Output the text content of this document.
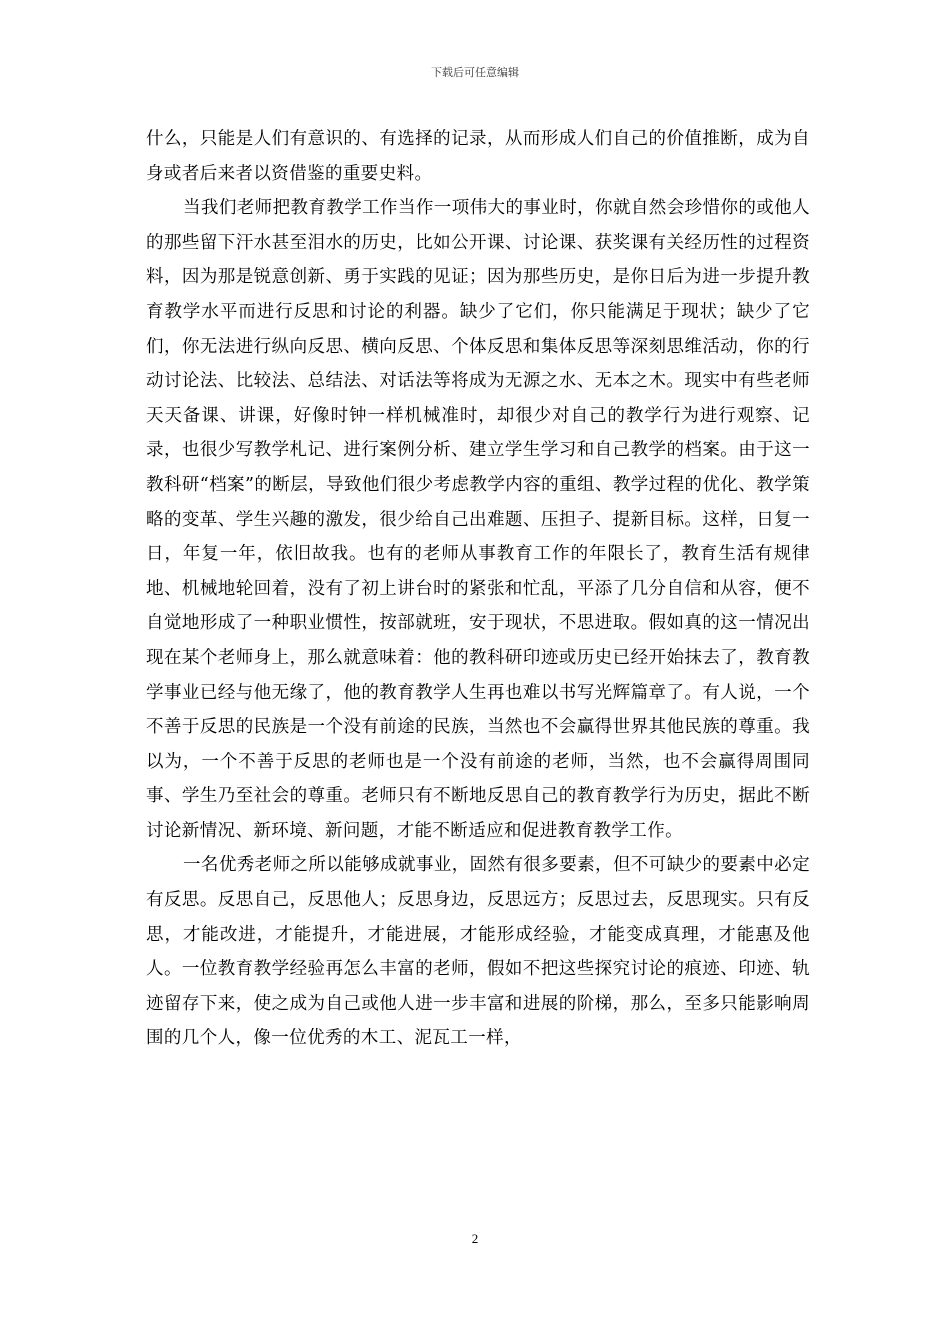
下载后可任意编辑

什么，只能是人们有意识的、有选择的记录，从而形成人们自己的价值推断，成为自身或者后来者以资借鉴的重要史料。

当我们老师把教育教学工作当作一项伟大的事业时，你就自然会珍惜你的或他人的那些留下汗水甚至泪水的历史，比如公开课、讨论课、获奖课有关经历性的过程资料，因为那是锐意创新、勇于实践的见证；因为那些历史，是你日后为进一步提升教育教学水平而进行反思和讨论的利器。缺少了它们，你只能满足于现状；缺少了它们，你无法进行纵向反思、横向反思、个体反思和集体反思等深刻思维活动，你的行动讨论法、比较法、总结法、对话法等将成为无源之水、无本之木。现实中有些老师天天备课、讲课，好像时钟一样机械准时，却很少对自己的教学行为进行观察、记录，也很少写教学札记、进行案例分析、建立学生学习和自己教学的档案。由于这一教科研“档案”的断层，导致他们很少考虑教学内容的重组、教学过程的优化、教学策略的变革、学生兴趣的激发，很少给自己出难题、压担子、提新目标。这样，日复一日，年复一年，依旧故我。也有的老师从事教育工作的年限长了，教育生活有规律地、机械地轮回着，没有了初上讲台时的紧张和忙乱，平添了几分自信和从容，便不自觉地形成了一种职业惯性，按部就班，安于现状，不思进取。假如真的这一情况出现在某个老师身上，那么就意味着：他的教科研印迹或历史已经开始抹去了，教育教学事业已经与他无缘了，他的教育教学人生再也难以书写光辉篇章了。有人说，一个不善于反思的民族是一个没有前途的民族，当然也不会赢得世界其他民族的尊重。我以为，一个不善于反思的老师也是一个没有前途的老师，当然，也不会赢得周围同事、学生乃至社会的尊重。老师只有不断地反思自己的教育教学行为历史，据此不断讨论新情况、新环境、新问题，才能不断适应和促进教育教学工作。

一名优秀老师之所以能够成就事业，固然有很多要素，但不可缺少的要素中必定有反思。反思自己，反思他人；反思身边，反思远方；反思过去，反思现实。只有反思，才能改进，才能提升，才能进展，才能形成经验，才能变成真理，才能惠及他人。一位教育教学经验再怎么丰富的老师，假如不把这些探究讨论的痕迹、印迹、轨迹留存下来，使之成为自己或他人进一步丰富和进展的阶梯，那么，至多只能影响周围的几个人，像一位优秀的木工、泥瓦工一样，

2
